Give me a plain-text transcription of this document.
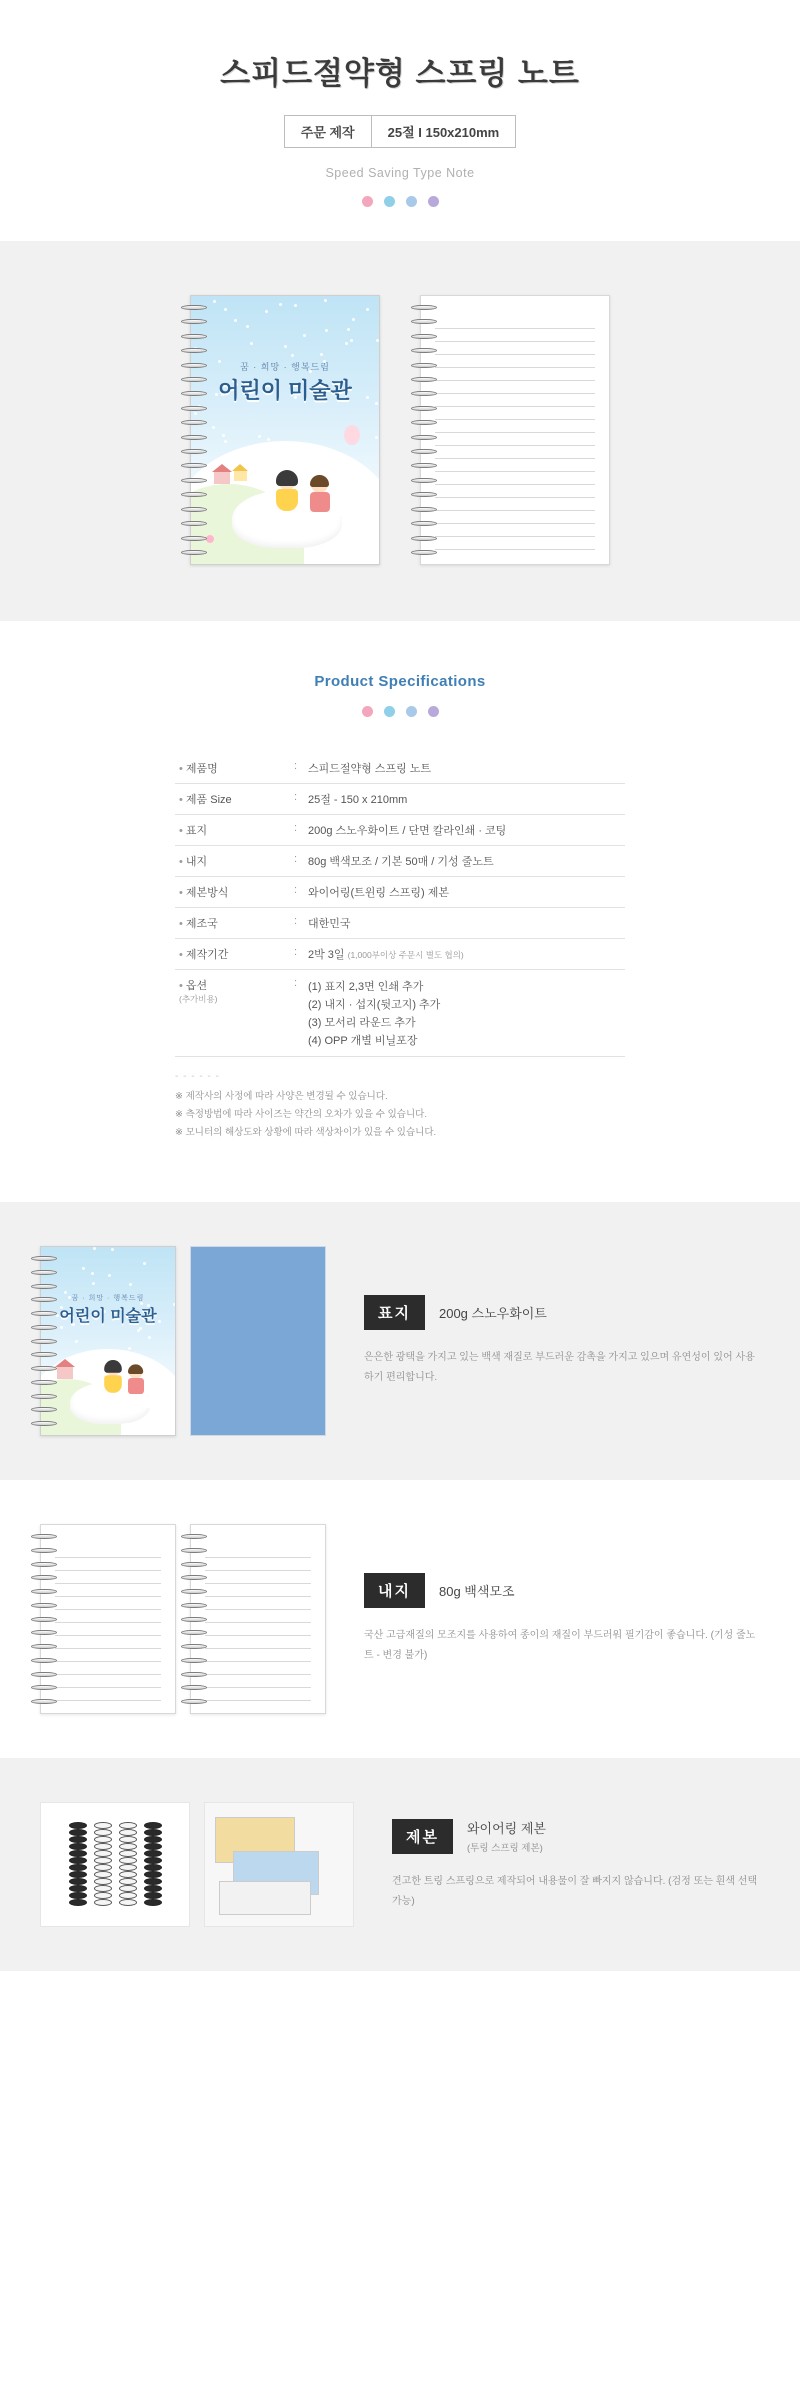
스피드절약형 스프링 노트
주문 제작	25절 I 150x210mm
Speed Saving Type Note
꿈 · 희망 · 행복드림
어린이 미술관
Product Specifications
• 제품명	:	스피드절약형 스프링 노트
• 제품 Size	:	25절 - 150 x 210mm
• 표지	:	200g 스노우화이트 / 단면 칼라인쇄 · 코팅
• 내지	:	80g 백색모조 / 기본 50매 / 기성 줄노트
• 제본방식	:	와이어링(트윈링 스프링) 제본
• 제조국	:	대한민국
• 제작기간	:	2박 3일 (1,000부이상 주문시 별도 협의)
• 옵션
(추가비용)
	:	(1) 표지 2,3면 인쇄 추가
(2) 내지 · 섭지(뒷고지) 추가
(3) 모서리 라운드 추가
(4) OPP 개별 비닐포장
- - - - - -
※ 제작사의 사정에 따라 사양은 변경될 수 있습니다.
※ 측정방법에 따라 사이즈는 약간의 오차가 있을 수 있습니다.
※ 모니터의 해상도와 상황에 따라 색상차이가 있을 수 있습니다.
꿈 · 희망 · 행복드림
어린이 미술관	표지	200g 스노우화이트

은은한 광택을 가지고 있는 백색 재질로 부드러운 감촉을 가지고 있으며 유연성이 있어 사용하기 편리합니다.

내지	80g 백색모조

국산 고급재질의 모조지를 사용하여 종이의 재질이 부드러워 필기감이 좋습니다. (기성 줄노트 - 변경 불가)

제본	와이어링 제본
(투링 스프링 제본)

견고한 트링 스프링으로 제작되어 내용물이 잘 빠지지 않습니다. (검정 또는 흰색 선택 가능)
